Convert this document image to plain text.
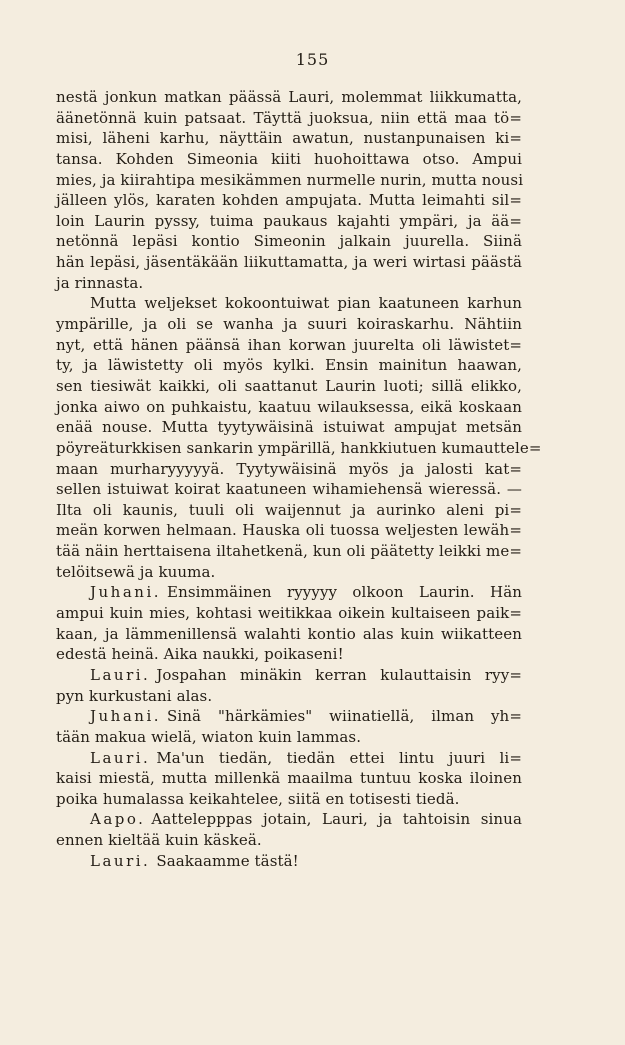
155
nestä jonkun matkan päässä Lauri, molemmat liikkumatta,
äänetönnä kuin patsaat. Täyttä juoksua, niin että maa tö=
misi, läheni karhu, näyttäin awatun, nustanpunaisen ki=
tansa. Kohden Simeonia kiiti huohoittawa otso. Ampui
mies, ja kiirahtipa mesikämmen nurmelle nurin, mutta nousi
jälleen ylös, karaten kohden ampujata. Mutta leimahti sil=
loin Laurin pyssy, tuima paukaus kajahti ympäri, ja ää=
netönnä lepäsi kontio Simeonin jalkain juurella. Siinä
hän lepäsi, jäsentäkään liikuttamatta, ja weri wirtasi päästä
ja rinnasta.
Mutta weljekset kokoontuiwat pian kaatuneen karhun
ympärille, ja oli se wanha ja suuri koiraskarhu. Nähtiin
nyt, että hänen päänsä ihan korwan juurelta oli läwistet=
ty, ja läwistetty oli myös kylki. Ensin mainitun haawan,
sen tiesiwät kaikki, oli saattanut Laurin luoti; sillä elikko,
jonka aiwo on puhkaistu, kaatuu wilauksessa, eikä koskaan
enää nouse. Mutta tyytywäisinä istuiwat ampujat metsän
pöyreäturkkisen sankarin ympärillä, hankkiutuen kumauttele=
maan murharyyyyyä. Tyytywäisinä myös ja jalosti kat=
sellen istuiwat koirat kaatuneen wihamiehensä wieressä. —
Ilta oli kaunis, tuuli oli waijennut ja aurinko aleni pi=
meän korwen helmaan. Hauska oli tuossa weljesten lewäh=
tää näin herttaisena iltahetkenä, kun oli päätetty leikki me=
telöitsewä ja kuuma.
Juhani. Ensimmäinen ryyyyy olkoon Laurin. Hän
ampui kuin mies, kohtasi weitikkaa oikein kultaiseen paik=
kaan, ja lämmenillensä walahti kontio alas kuin wiikatteen
edestä heinä. Aika naukki, poikaseni!
Lauri. Jospahan minäkin kerran kulauttaisin ryy=
pyn kurkustani alas.
Juhani. Sinä "härkämies" wiinatiellä, ilman yh=
tään makua wielä, wiaton kuin lammas.
Lauri. Ma'un tiedän, tiedän ettei lintu juuri li=
kaisi miestä, mutta millenkä maailma tuntuu koska iloinen
poika humalassa keikahtelee, siitä en totisesti tiedä.
Aapo. Aattelepppas jotain, Lauri, ja tahtoisin sinua
ennen kieltää kuin käskeä.
Lauri. Saakaamme tästä!
